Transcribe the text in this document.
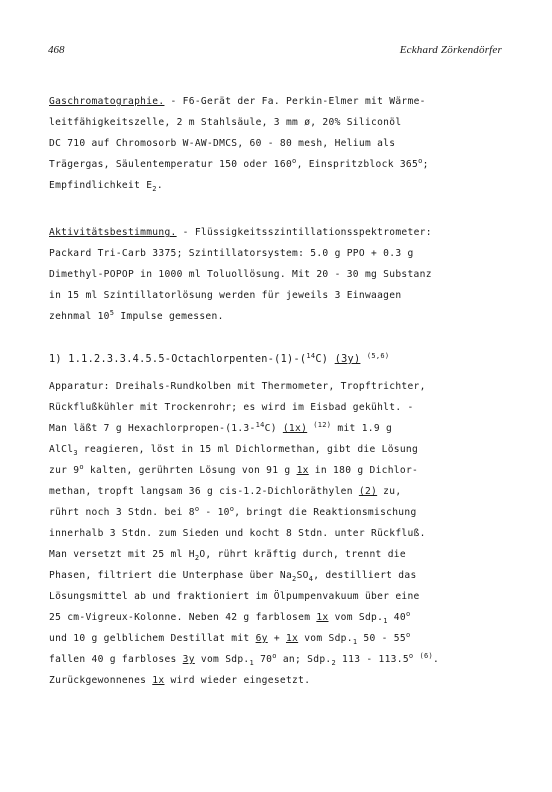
468	Eckhard Zörkendörfer
Gaschromatographie. - F6-Gerät der Fa. Perkin-Elmer mit Wärme-
leitfähigkeitszelle, 2 m Stahlsäule, 3 mm ø, 20% Siliconöl
DC 710 auf Chromosorb W-AW-DMCS, 60 - 80 mesh, Helium als
Trägergas, Säulentemperatur 150 oder 160$^o$, Einspritzblock 365$^o$;
Empfindlichkeit $E_2$.
Aktivitätsbestimmung. - Flüssigkeitsszintillationsspektrometer:
Packard Tri-Carb 3375; Szintillatorsystem: 5.0 g PPO + 0.3 g
Dimethyl-POPOP in 1000 ml Toluollösung. Mit 20 - 30 mg Substanz
in 15 ml Szintillatorlösung werden für jeweils 3 Einwaagen
zehnmal $10^5$ Impulse gemessen.
1) 1.1.2.3.3.4.5.5-Octachlorpenten-(1)-($^{14}$C) (3y) $^{(5,6)}$
Apparatur: Dreihals-Rundkolben mit Thermometer, Tropftrichter,
Rückflußkühler mit Trockenrohr; es wird im Eisbad gekühlt. -
Man läßt 7 g Hexachlorpropen-(1.3-$^{14}$C) (1x) $^{(12)}$ mit 1.9 g
AlCl$_3$ reagieren, löst in 15 ml Dichlormethan, gibt die Lösung
zur 9$^o$ kalten, gerührten Lösung von 91 g 1x in 180 g Dichlor-
methan, tropft langsam 36 g cis-1.2-Dichloräthylen (2) zu,
rührt noch 3 Stdn. bei 8$^o$ - 10$^o$, bringt die Reaktionsmischung
innerhalb 3 Stdn. zum Sieden und kocht 8 Stdn. unter Rückfluß.
Man versetzt mit 25 ml $H_2O$, rührt kräftig durch, trennt die
Phasen, filtriert die Unterphase über $Na_2SO_4$, destilliert das
Lösungsmittel ab und fraktioniert im Ölpumpenvakuum über eine
25 cm-Vigreux-Kolonne. Neben 42 g farblosem 1x vom $Sdp._1$ 40$^o$
und 10 g gelblichem Destillat mit 6y + 1x vom $Sdp._1$ 50 - 55$^o$
fallen 40 g farbloses 3y vom $Sdp._1$ 70$^o$ an; $Sdp._2$ 113 - 113.5$^o$ $^{(6)}$.
Zurückgewonnenes 1x wird wieder eingesetzt.
